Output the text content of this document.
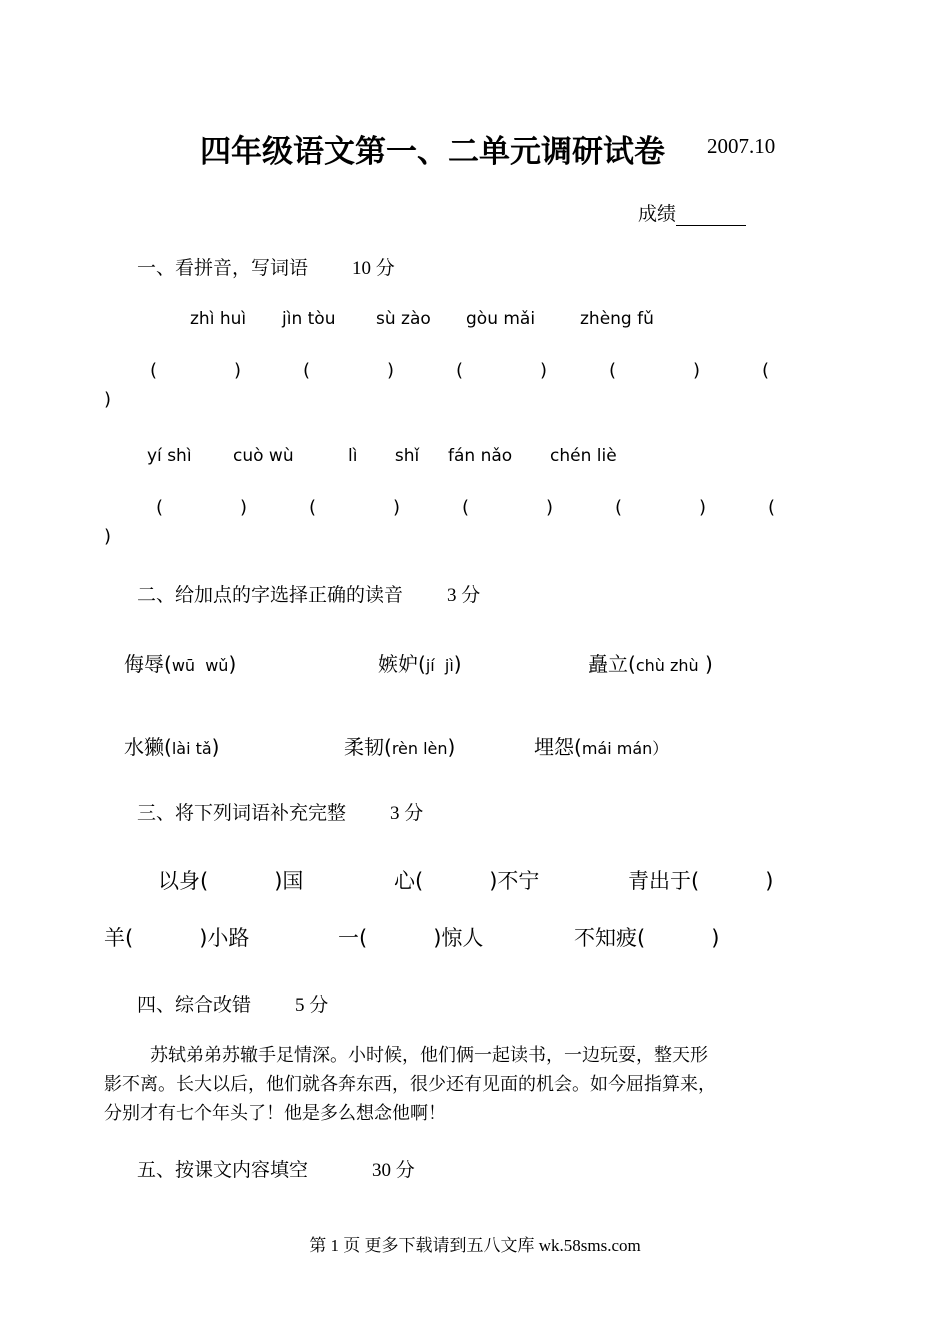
四年级语文第一、二单元调研试卷 2007.10
成绩
一、看拼音，写词语 10 分
zhì huì jìn tòu sù zào gòu mǎi	zhèng fǔ
(	)	(	)	(	)	(	)	(
)
yí shì cuò wù	lì shǐ fán nǎo chén liè
(	)	(	)	(	)	(	)	(
)
二、给加点的字选择正确的读音 3 分
侮辱(wū  wǔ)	嫉妒(jí  jì)	矗立(chù zhù )
水獭(lài tǎ)	柔韧(rèn lèn)	埋怨(mái mán）
三、将下列词语补充完整 3 分
以身(	)国	心(	)不宁	青出于(	)
羊(	)小路	一(	)惊人	不知疲(	)
四、综合改错 5 分
苏轼弟弟苏辙手足情深。小时候，他们俩一起读书，一边玩耍，整天形
影不离。长大以后，他们就各奔东西，很少还有见面的机会。如今屈指算来，
分别才有七个年头了！他是多么想念他啊！
五、按课文内容填空	30 分
第 1 页 更多下载请到五八文库 wk.58sms.com
